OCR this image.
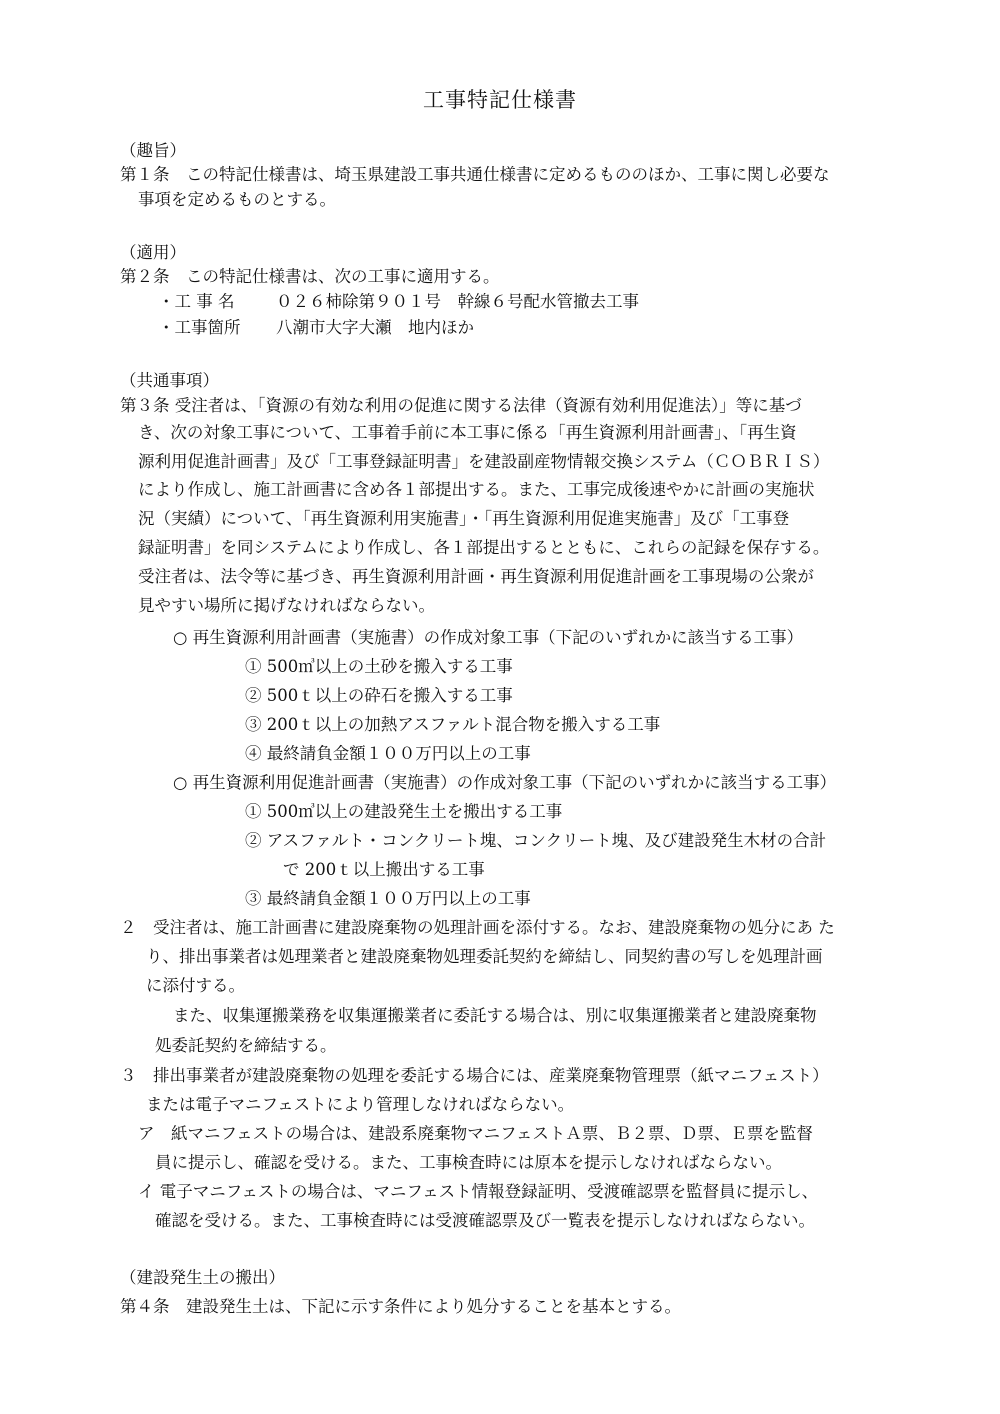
工事特記仕様書
（趣旨）
第１条　この特記仕様書は、埼玉県建設工事共通仕様書に定めるもののほか、工事に関し必要な
事項を定めるものとする。
（適用）
第２条　この特記仕様書は、次の工事に適用する。
・工 事 名	０２６柿除第９０１号　幹線６号配水管撤去工事
・工事箇所 八潮市大字大瀬　地内ほか
（共通事項）
第３条 受注者は、「資源の有効な利用の促進に関する法律（資源有効利用促進法）」等に基づ
き、次の対象工事について、工事着手前に本工事に係る「再生資源利用計画書」、「再生資
源利用促進計画書」及び「工事登録証明書」を建設副産物情報交換システム（ＣＯＢＲＩＳ）
により作成し、施工計画書に含め各１部提出する。また、工事完成後速やかに計画の実施状
況（実績）について、「再生資源利用実施書」・「再生資源利用促進実施書」及び「工事登
録証明書」を同システムにより作成し、各１部提出するとともに、これらの記録を保存する。
受注者は、法令等に基づき、再生資源利用計画・再生資源利用促進計画を工事現場の公衆が
見やすい場所に掲げなければならない。
○ 再生資源利用計画書（実施書）の作成対象工事（下記のいずれかに該当する工事）
① 500㎥以上の土砂を搬入する工事
② 500ｔ以上の砕石を搬入する工事
③ 200ｔ以上の加熱アスファルト混合物を搬入する工事
④ 最終請負金額１００万円以上の工事
○ 再生資源利用促進計画書（実施書）の作成対象工事（下記のいずれかに該当する工事）
① 500㎥以上の建設発生土を搬出する工事
② アスファルト・コンクリート塊、コンクリート塊、及び建設発生木材の合計
で 200ｔ以上搬出する工事
③ 最終請負金額１００万円以上の工事
２　受注者は、施工計画書に建設廃棄物の処理計画を添付する。なお、建設廃棄物の処分にあ た
り、排出事業者は処理業者と建設廃棄物処理委託契約を締結し、同契約書の写しを処理計画
に添付する。
また、収集運搬業務を収集運搬業者に委託する場合は、別に収集運搬業者と建設廃棄物
処委託契約を締結する。
３　排出事業者が建設廃棄物の処理を委託する場合には、産業廃棄物管理票（紙マニフェスト）
または電子マニフェストにより管理しなければならない。
ア　紙マニフェストの場合は、建設系廃棄物マニフェストＡ票、Ｂ２票、Ｄ票、Ｅ票を監督
員に提示し、確認を受ける。また、工事検査時には原本を提示しなければならない。
イ 電子マニフェストの場合は、マニフェスト情報登録証明、受渡確認票を監督員に提示し、
確認を受ける。また、工事検査時には受渡確認票及び一覧表を提示しなければならない。
（建設発生土の搬出）
第４条　建設発生土は、下記に示す条件により処分することを基本とする。
